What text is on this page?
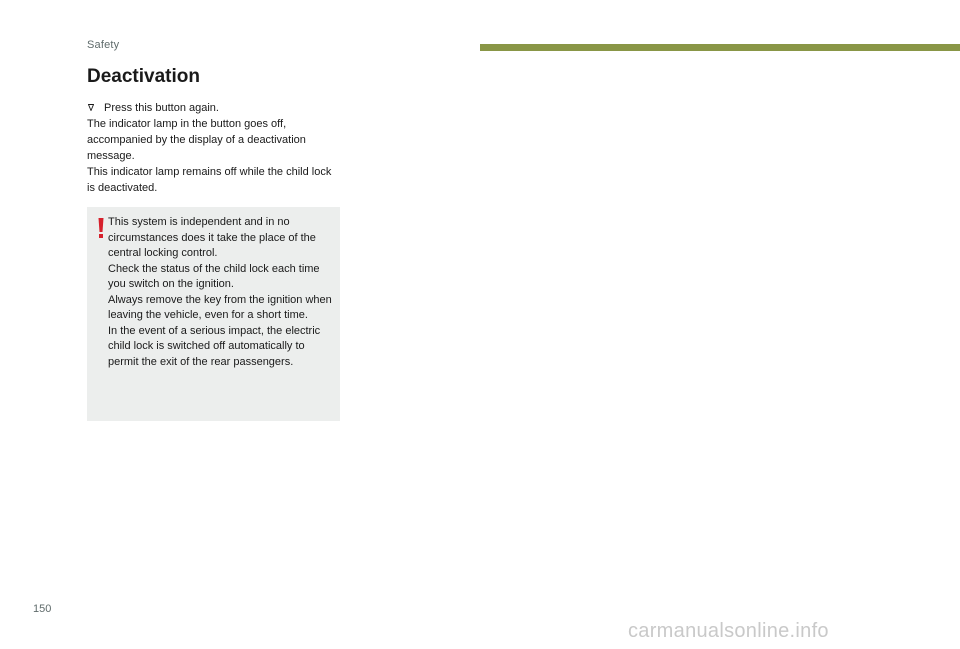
Safety
Deactivation
Press this button again.

The indicator lamp in the button goes off, accompanied by the display of a deactivation message.

This indicator lamp remains off while the child lock is deactivated.

This system is independent and in no circumstances does it take the place of the central locking control.

Check the status of the child lock each time you switch on the ignition.

Always remove the key from the ignition when leaving the vehicle, even for a short time.

In the event of a serious impact, the electric child lock is switched off automatically to permit the exit of the rear passengers.

150
carmanualsonline.info
